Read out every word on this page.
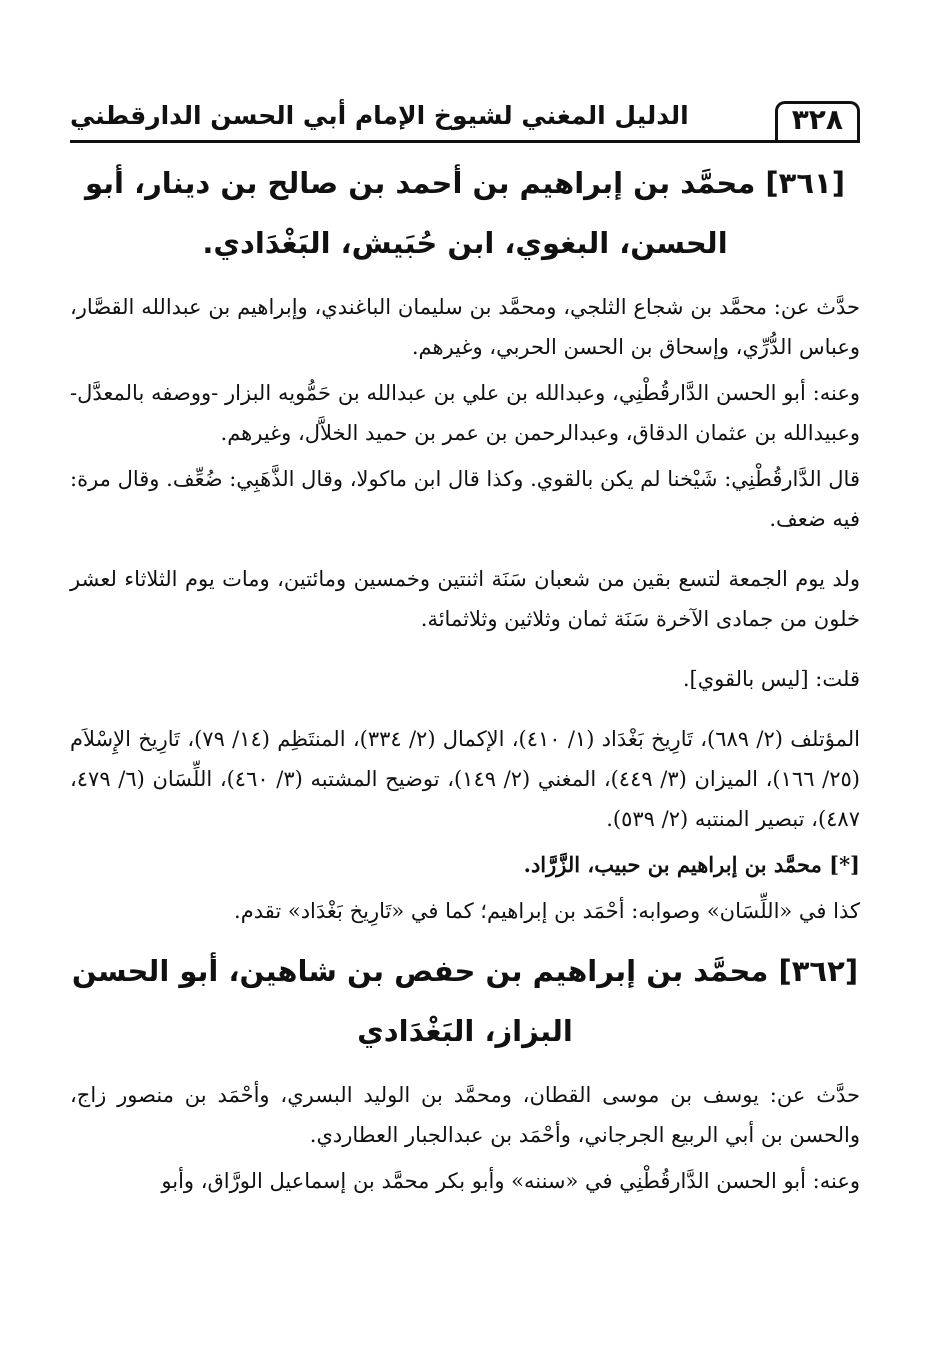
٣٢٨
الدليل المغني لشيوخ الإمام أبي الحسن الدارقطني
[٣٦١] محمَّد بن إبراهيم بن أحمد بن صالح بن دينار، أبو الحسن، البغوي، ابن حُبَيش، البَغْدَادي.

حدَّث عن: محمَّد بن شجاع الثلجي، ومحمَّد بن سليمان الباغندي، وإبراهيم بن عبدالله القصَّار، وعباس الدُّرِّي، وإسحاق بن الحسن الحربي، وغيرهم.

وعنه: أبو الحسن الدَّارقُطْنِي، وعبدالله بن علي بن عبدالله بن حَمُّويه البزار -ووصفه بالمعدَّل- وعبيدالله بن عثمان الدقاق، وعبدالرحمن بن عمر بن حميد الخلاَّل، وغيرهم.

قال الدَّارقُطْنِي: شَيْخنا لم يكن بالقوي. وكذا قال ابن ماكولا، وقال الذَّهَبِي: ضُعِّف. وقال مرة: فيه ضعف.

ولد يوم الجمعة لتسع بقين من شعبان سَنَة اثنتين وخمسين ومائتين، ومات يوم الثلاثاء لعشر خلون من جمادى الآخرة سَنَة ثمان وثلاثين وثلاثمائة.

قلت: [ليس بالقوي].

المؤتلف (٢/ ٦٨٩)، تَارِيخ بَغْدَاد (١/ ٤١٠)، الإكمال (٢/ ٣٣٤)، المنتَظِم (١٤/ ٧٩)، تَارِيخ الإِسْلاَم (٢٥/ ١٦٦)، الميزان (٣/ ٤٤٩)، المغني (٢/ ١٤٩)، توضيح المشتبه (٣/ ٤٦٠)، اللِّسَان (٦/ ٤٧٩، ٤٨٧)، تبصير المنتبه (٢/ ٥٣٩).

[*] محمَّد بن إبراهيم بن حبيب، الزَّرَّاد.

كذا في «اللِّسَان» وصوابه: أحْمَد بن إبراهيم؛ كما في «تَارِيخ بَغْدَاد» تقدم.

[٣٦٢] محمَّد بن إبراهيم بن حفص بن شاهين، أبو الحسن البزاز، البَغْدَادي

حدَّث عن: يوسف بن موسى القطان، ومحمَّد بن الوليد البسري، وأحْمَد بن منصور زاج، والحسن بن أبي الربيع الجرجاني، وأحْمَد بن عبدالجبار العطاردي.

وعنه: أبو الحسن الدَّارقُطْنِي في «سننه» وأبو بكر محمَّد بن إسماعيل الورَّاق، وأبو
